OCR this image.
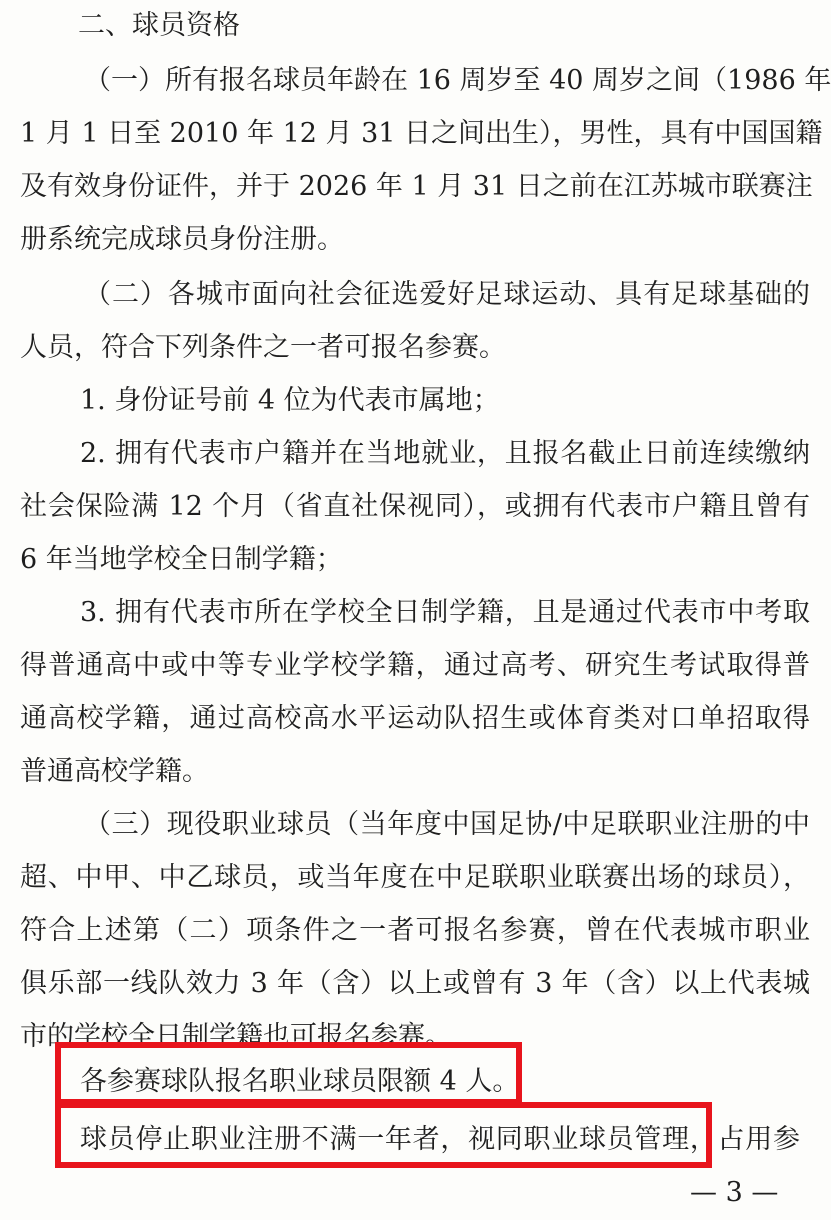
二、球员资格
（一）所有报名球员年龄在 16 周岁至 40 周岁之间（1986 年
1 月 1 日至 2010 年 12 月 31 日之间出生），男性，具有中国国籍
及有效身份证件，并于 2026 年 1 月 31 日之前在江苏城市联赛注
册系统完成球员身份注册。
（二）各城市面向社会征选爱好足球运动、具有足球基础的
人员，符合下列条件之一者可报名参赛。
1. 身份证号前 4 位为代表市属地；
2. 拥有代表市户籍并在当地就业，且报名截止日前连续缴纳
社会保险满 12 个月（省直社保视同），或拥有代表市户籍且曾有
6 年当地学校全日制学籍；
3. 拥有代表市所在学校全日制学籍，且是通过代表市中考取
得普通高中或中等专业学校学籍，通过高考、研究生考试取得普
通高校学籍，通过高校高水平运动队招生或体育类对口单招取得
普通高校学籍。
（三）现役职业球员（当年度中国足协/中足联职业注册的中
超、中甲、中乙球员，或当年度在中足联职业联赛出场的球员），
符合上述第（二）项条件之一者可报名参赛，曾在代表城市职业
俱乐部一线队效力 3 年（含）以上或曾有 3 年（含）以上代表城
市的学校全日制学籍也可报名参赛。
各参赛球队报名职业球员限额 4 人。
球员停止职业注册不满一年者，视同职业球员管理，占用参
— 3 —
